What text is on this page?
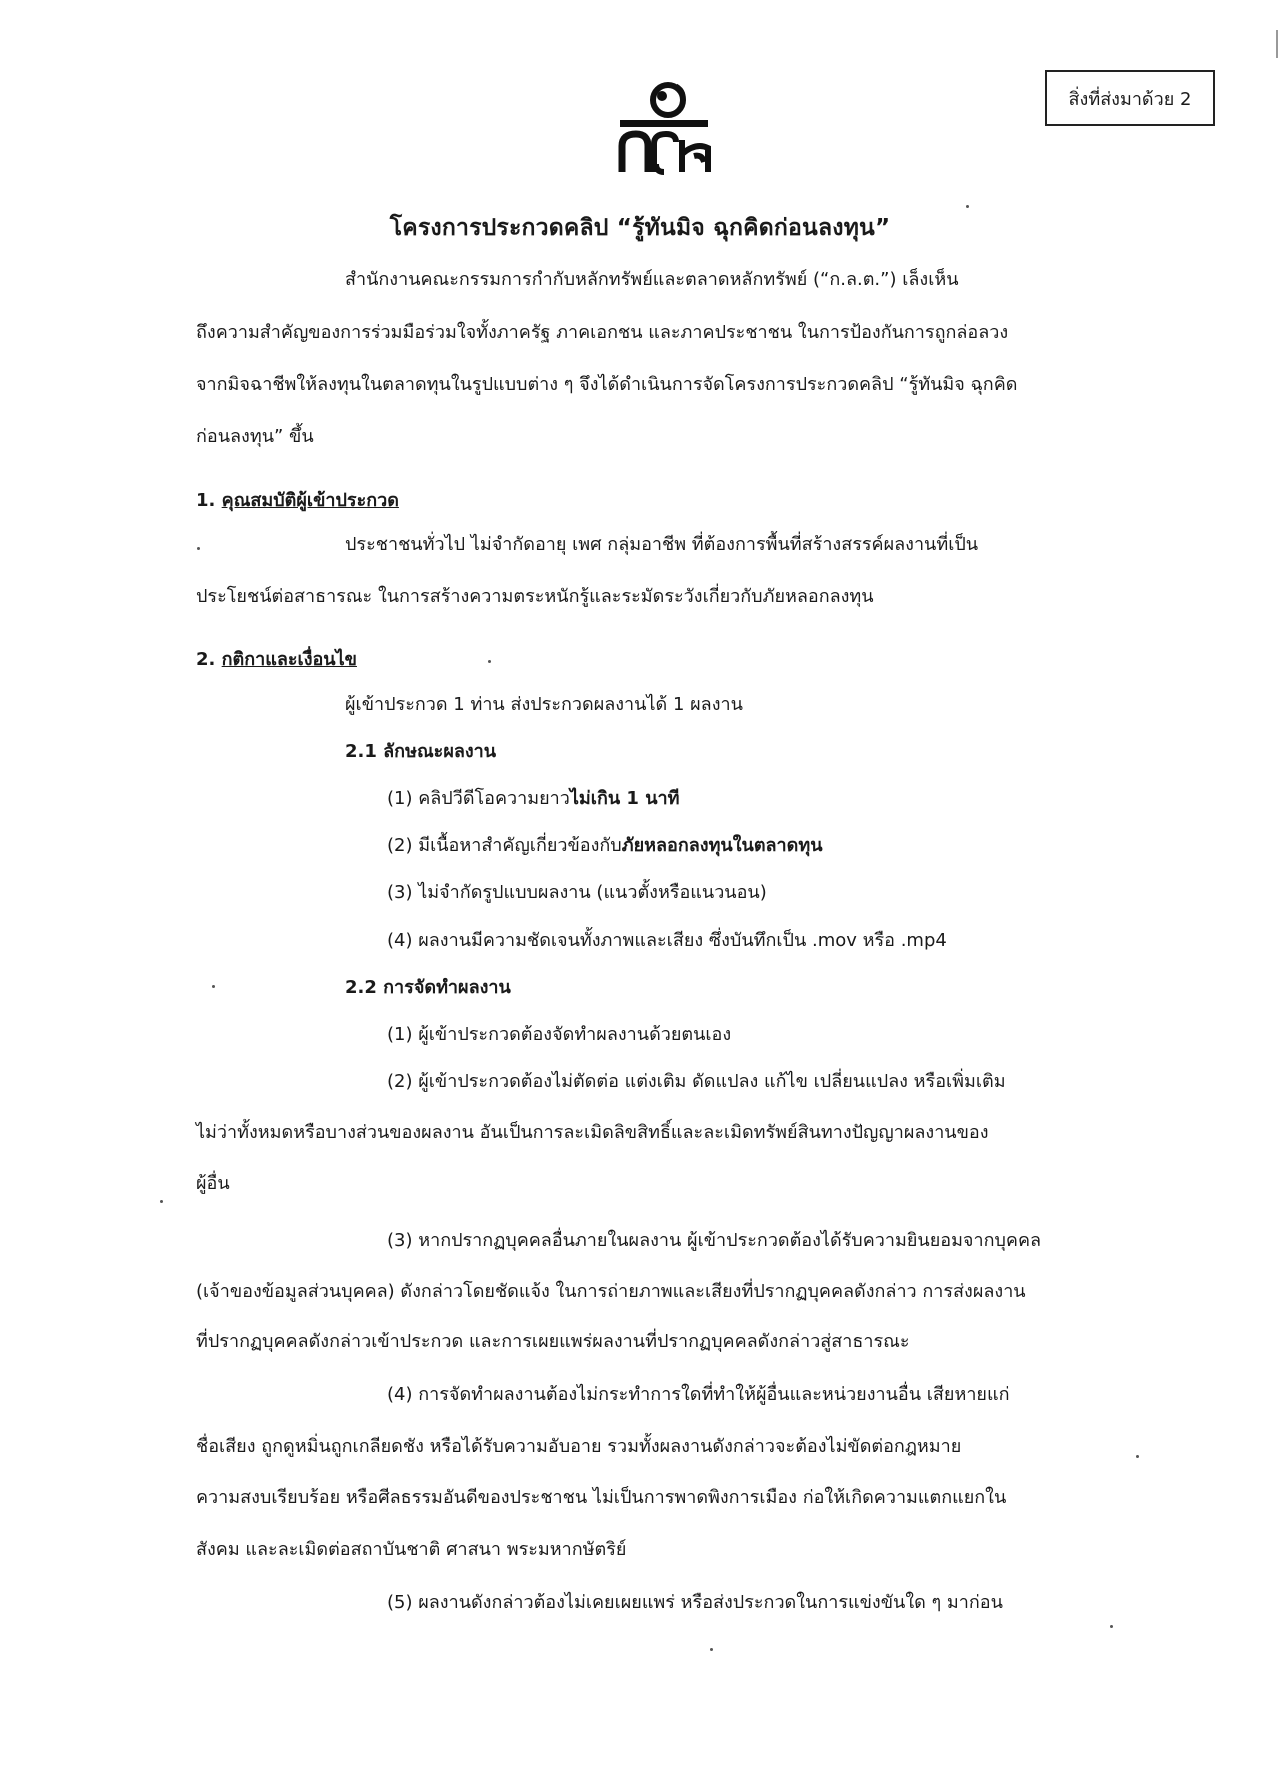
สิ่งที่ส่งมาด้วย 2
โครงการประกวดคลิป “รู้ทันมิจ ฉุกคิดก่อนลงทุน”
สำนักงานคณะกรรมการกำกับหลักทรัพย์และตลาดหลักทรัพย์ (“ก.ล.ต.”) เล็งเห็น
ถึงความสำคัญของการร่วมมือร่วมใจทั้งภาครัฐ ภาคเอกชน และภาคประชาชน ในการป้องกันการถูกล่อลวง
จากมิจฉาชีพให้ลงทุนในตลาดทุนในรูปแบบต่าง ๆ จึงได้ดำเนินการจัดโครงการประกวดคลิป “รู้ทันมิจ ฉุกคิด
ก่อนลงทุน” ขึ้น
1. คุณสมบัติผู้เข้าประกวด
ประชาชนทั่วไป ไม่จำกัดอายุ เพศ กลุ่มอาชีพ ที่ต้องการพื้นที่สร้างสรรค์ผลงานที่เป็น
ประโยชน์ต่อสาธารณะ ในการสร้างความตระหนักรู้และระมัดระวังเกี่ยวกับภัยหลอกลงทุน
2. กติกาและเงื่อนไข
ผู้เข้าประกวด 1 ท่าน ส่งประกวดผลงานได้ 1 ผลงาน
2.1 ลักษณะผลงาน
(1) คลิปวีดีโอความยาวไม่เกิน 1 นาที
(2) มีเนื้อหาสำคัญเกี่ยวข้องกับภัยหลอกลงทุนในตลาดทุน
(3) ไม่จำกัดรูปแบบผลงาน (แนวตั้งหรือแนวนอน)
(4) ผลงานมีความชัดเจนทั้งภาพและเสียง ซึ่งบันทึกเป็น .mov หรือ .mp4
2.2 การจัดทำผลงาน
(1) ผู้เข้าประกวดต้องจัดทำผลงานด้วยตนเอง
(2) ผู้เข้าประกวดต้องไม่ตัดต่อ แต่งเติม ดัดแปลง แก้ไข เปลี่ยนแปลง หรือเพิ่มเติม
ไม่ว่าทั้งหมดหรือบางส่วนของผลงาน อันเป็นการละเมิดลิขสิทธิ์และละเมิดทรัพย์สินทางปัญญาผลงานของ
ผู้อื่น
(3) หากปรากฏบุคคลอื่นภายในผลงาน ผู้เข้าประกวดต้องได้รับความยินยอมจากบุคคล
(เจ้าของข้อมูลส่วนบุคคล) ดังกล่าวโดยชัดแจ้ง ในการถ่ายภาพและเสียงที่ปรากฏบุคคลดังกล่าว การส่งผลงาน
ที่ปรากฏบุคคลดังกล่าวเข้าประกวด และการเผยแพร่ผลงานที่ปรากฏบุคคลดังกล่าวสู่สาธารณะ
(4) การจัดทำผลงานต้องไม่กระทำการใดที่ทำให้ผู้อื่นและหน่วยงานอื่น เสียหายแก่
ชื่อเสียง ถูกดูหมิ่นถูกเกลียดชัง หรือได้รับความอับอาย รวมทั้งผลงานดังกล่าวจะต้องไม่ขัดต่อกฎหมาย
ความสงบเรียบร้อย หรือศีลธรรมอันดีของประชาชน ไม่เป็นการพาดพิงการเมือง ก่อให้เกิดความแตกแยกใน
สังคม และละเมิดต่อสถาบันชาติ ศาสนา พระมหากษัตริย์
(5) ผลงานดังกล่าวต้องไม่เคยเผยแพร่ หรือส่งประกวดในการแข่งขันใด ๆ มาก่อน
